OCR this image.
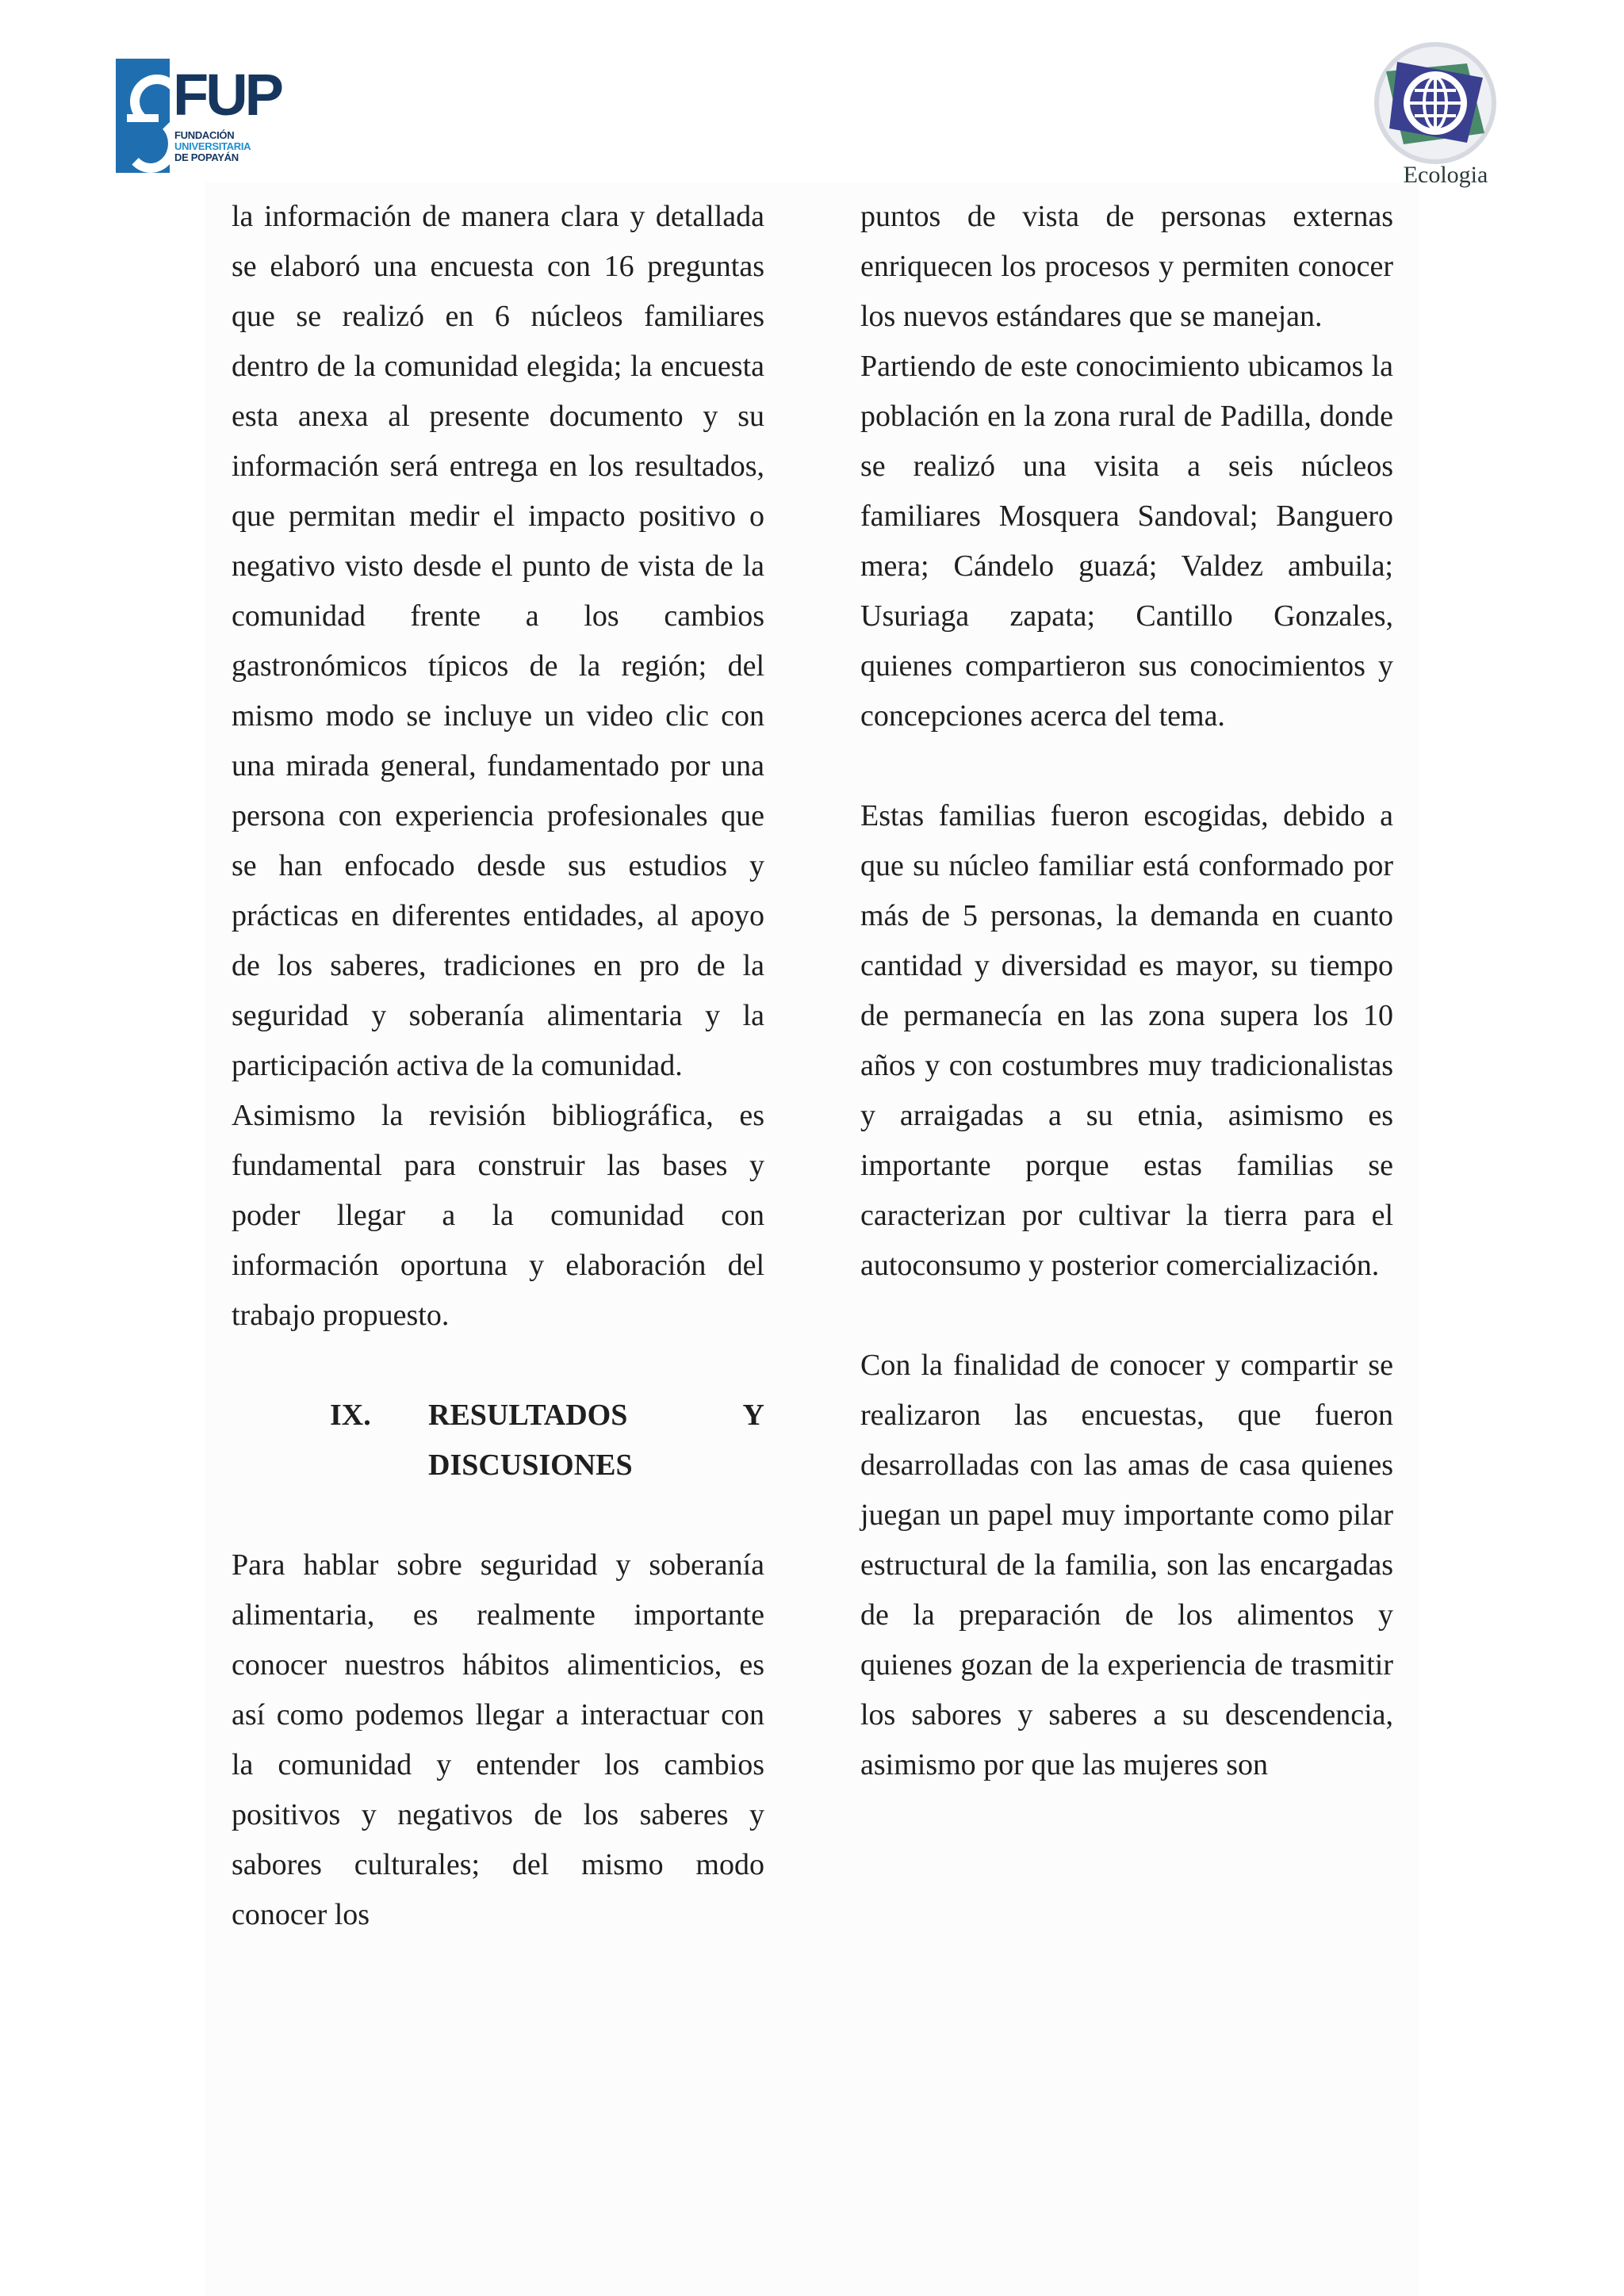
FUP
FUNDACIÓN
UNIVERSITARIA
DE POPAYÁN
Ecologia

la información de manera clara y detallada se elaboró una encuesta con 16 preguntas que se realizó en 6 núcleos familiares dentro de la comunidad elegida; la encuesta esta anexa al presente documento y su información será entrega en los resultados, que permitan medir el impacto positivo o negativo visto desde el punto de vista de la comunidad frente a los cambios gastronómicos típicos de la región; del mismo modo se incluye un video clic con una mirada general, fundamentado por una persona con experiencia profesionales que se han enfocado desde sus estudios y prácticas en diferentes entidades, al apoyo de los saberes, tradiciones en pro de la seguridad y soberanía alimentaria y la participación activa de la comunidad.

Asimismo la revisión bibliográfica, es fundamental para construir las bases y poder llegar a la comunidad con información oportuna y elaboración del trabajo propuesto.

IX. RESULTADOS	Y
DISCUSIONES

Para hablar sobre seguridad y soberanía alimentaria, es realmente importante conocer nuestros hábitos alimenticios, es así como podemos llegar a interactuar con la comunidad y entender los cambios positivos y negativos de los saberes y sabores culturales; del mismo modo conocer los

puntos de vista de personas externas enriquecen los procesos y permiten conocer los nuevos estándares que se manejan.

Partiendo de este conocimiento ubicamos la población en la zona rural de Padilla, donde se realizó una visita a seis núcleos familiares Mosquera Sandoval; Banguero mera; Cándelo guazá; Valdez ambuila; Usuriaga zapata; Cantillo Gonzales, quienes compartieron sus conocimientos y concepciones acerca del tema.

Estas familias fueron escogidas, debido a que su núcleo familiar está conformado por más de 5 personas, la demanda en cuanto cantidad y diversidad es mayor, su tiempo de permanecía en las zona supera los 10 años y con costumbres muy tradicionalistas y arraigadas a su etnia, asimismo es importante porque estas familias se caracterizan por cultivar la tierra para el autoconsumo y posterior comercialización.

Con la finalidad de conocer y compartir se realizaron las encuestas, que fueron desarrolladas con las amas de casa quienes juegan un papel muy importante como pilar estructural de la familia, son las encargadas de la preparación de los alimentos y quienes gozan de la experiencia de trasmitir los sabores y saberes a su descendencia, asimismo por que las mujeres son
